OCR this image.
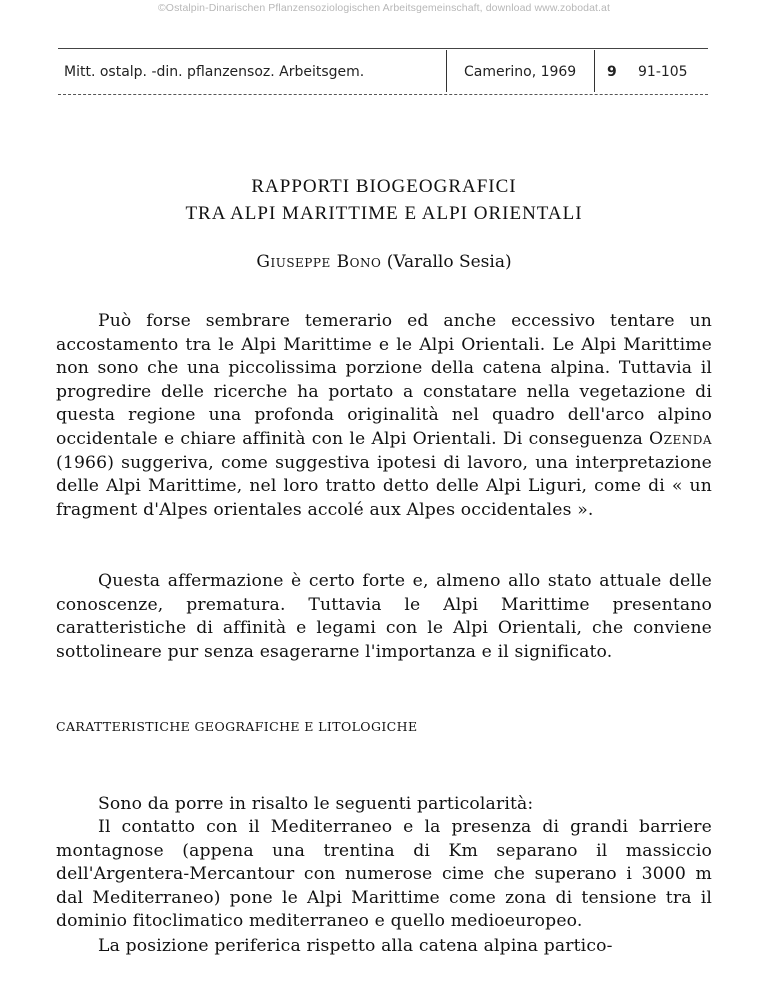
©Ostalpin-Dinarischen Pflanzensoziologischen Arbeitsgemeinschaft, download www.zobodat.at
Mitt. ostalp. -din. pflanzensoz. Arbeitsgem.	Camerino, 1969 9 91-105
RAPPORTI BIOGEOGRAFICI
TRA ALPI MARITTIME E ALPI ORIENTALI
Giuseppe Bono (Varallo Sesia)

Può forse sembrare temerario ed anche eccessivo tentare un accostamento tra le Alpi Marittime e le Alpi Orientali. Le Alpi Marittime non sono che una piccolissima porzione della catena alpina. Tuttavia il progredire delle ricerche ha portato a constatare nella vegetazione di questa regione una profonda originalità nel quadro dell'arco alpino occidentale e chiare affinità con le Alpi Orientali. Di conseguenza Ozenda (1966) suggeriva, come suggestiva ipotesi di lavoro, una interpretazione delle Alpi Marittime, nel loro tratto detto delle Alpi Liguri, come di « un fragment d'Alpes orientales accolé aux Alpes occidentales ».

Questa affermazione è certo forte e, almeno allo stato attuale delle conoscenze, prematura. Tuttavia le Alpi Marittime presentano caratteristiche di affinità e legami con le Alpi Orientali, che conviene sottolineare pur senza esagerarne l'importanza e il significato.

CARATTERISTICHE GEOGRAFICHE E LITOLOGICHE

Sono da porre in risalto le seguenti particolarità:

Il contatto con il Mediterraneo e la presenza di grandi barriere montagnose (appena una trentina di Km separano il massiccio dell'Argentera-Mercantour con numerose cime che superano i 3000 m dal Mediterraneo) pone le Alpi Marittime come zona di tensione tra il dominio fitoclimatico mediterraneo e quello medioeuropeo.

La posizione periferica rispetto alla catena alpina partico-
